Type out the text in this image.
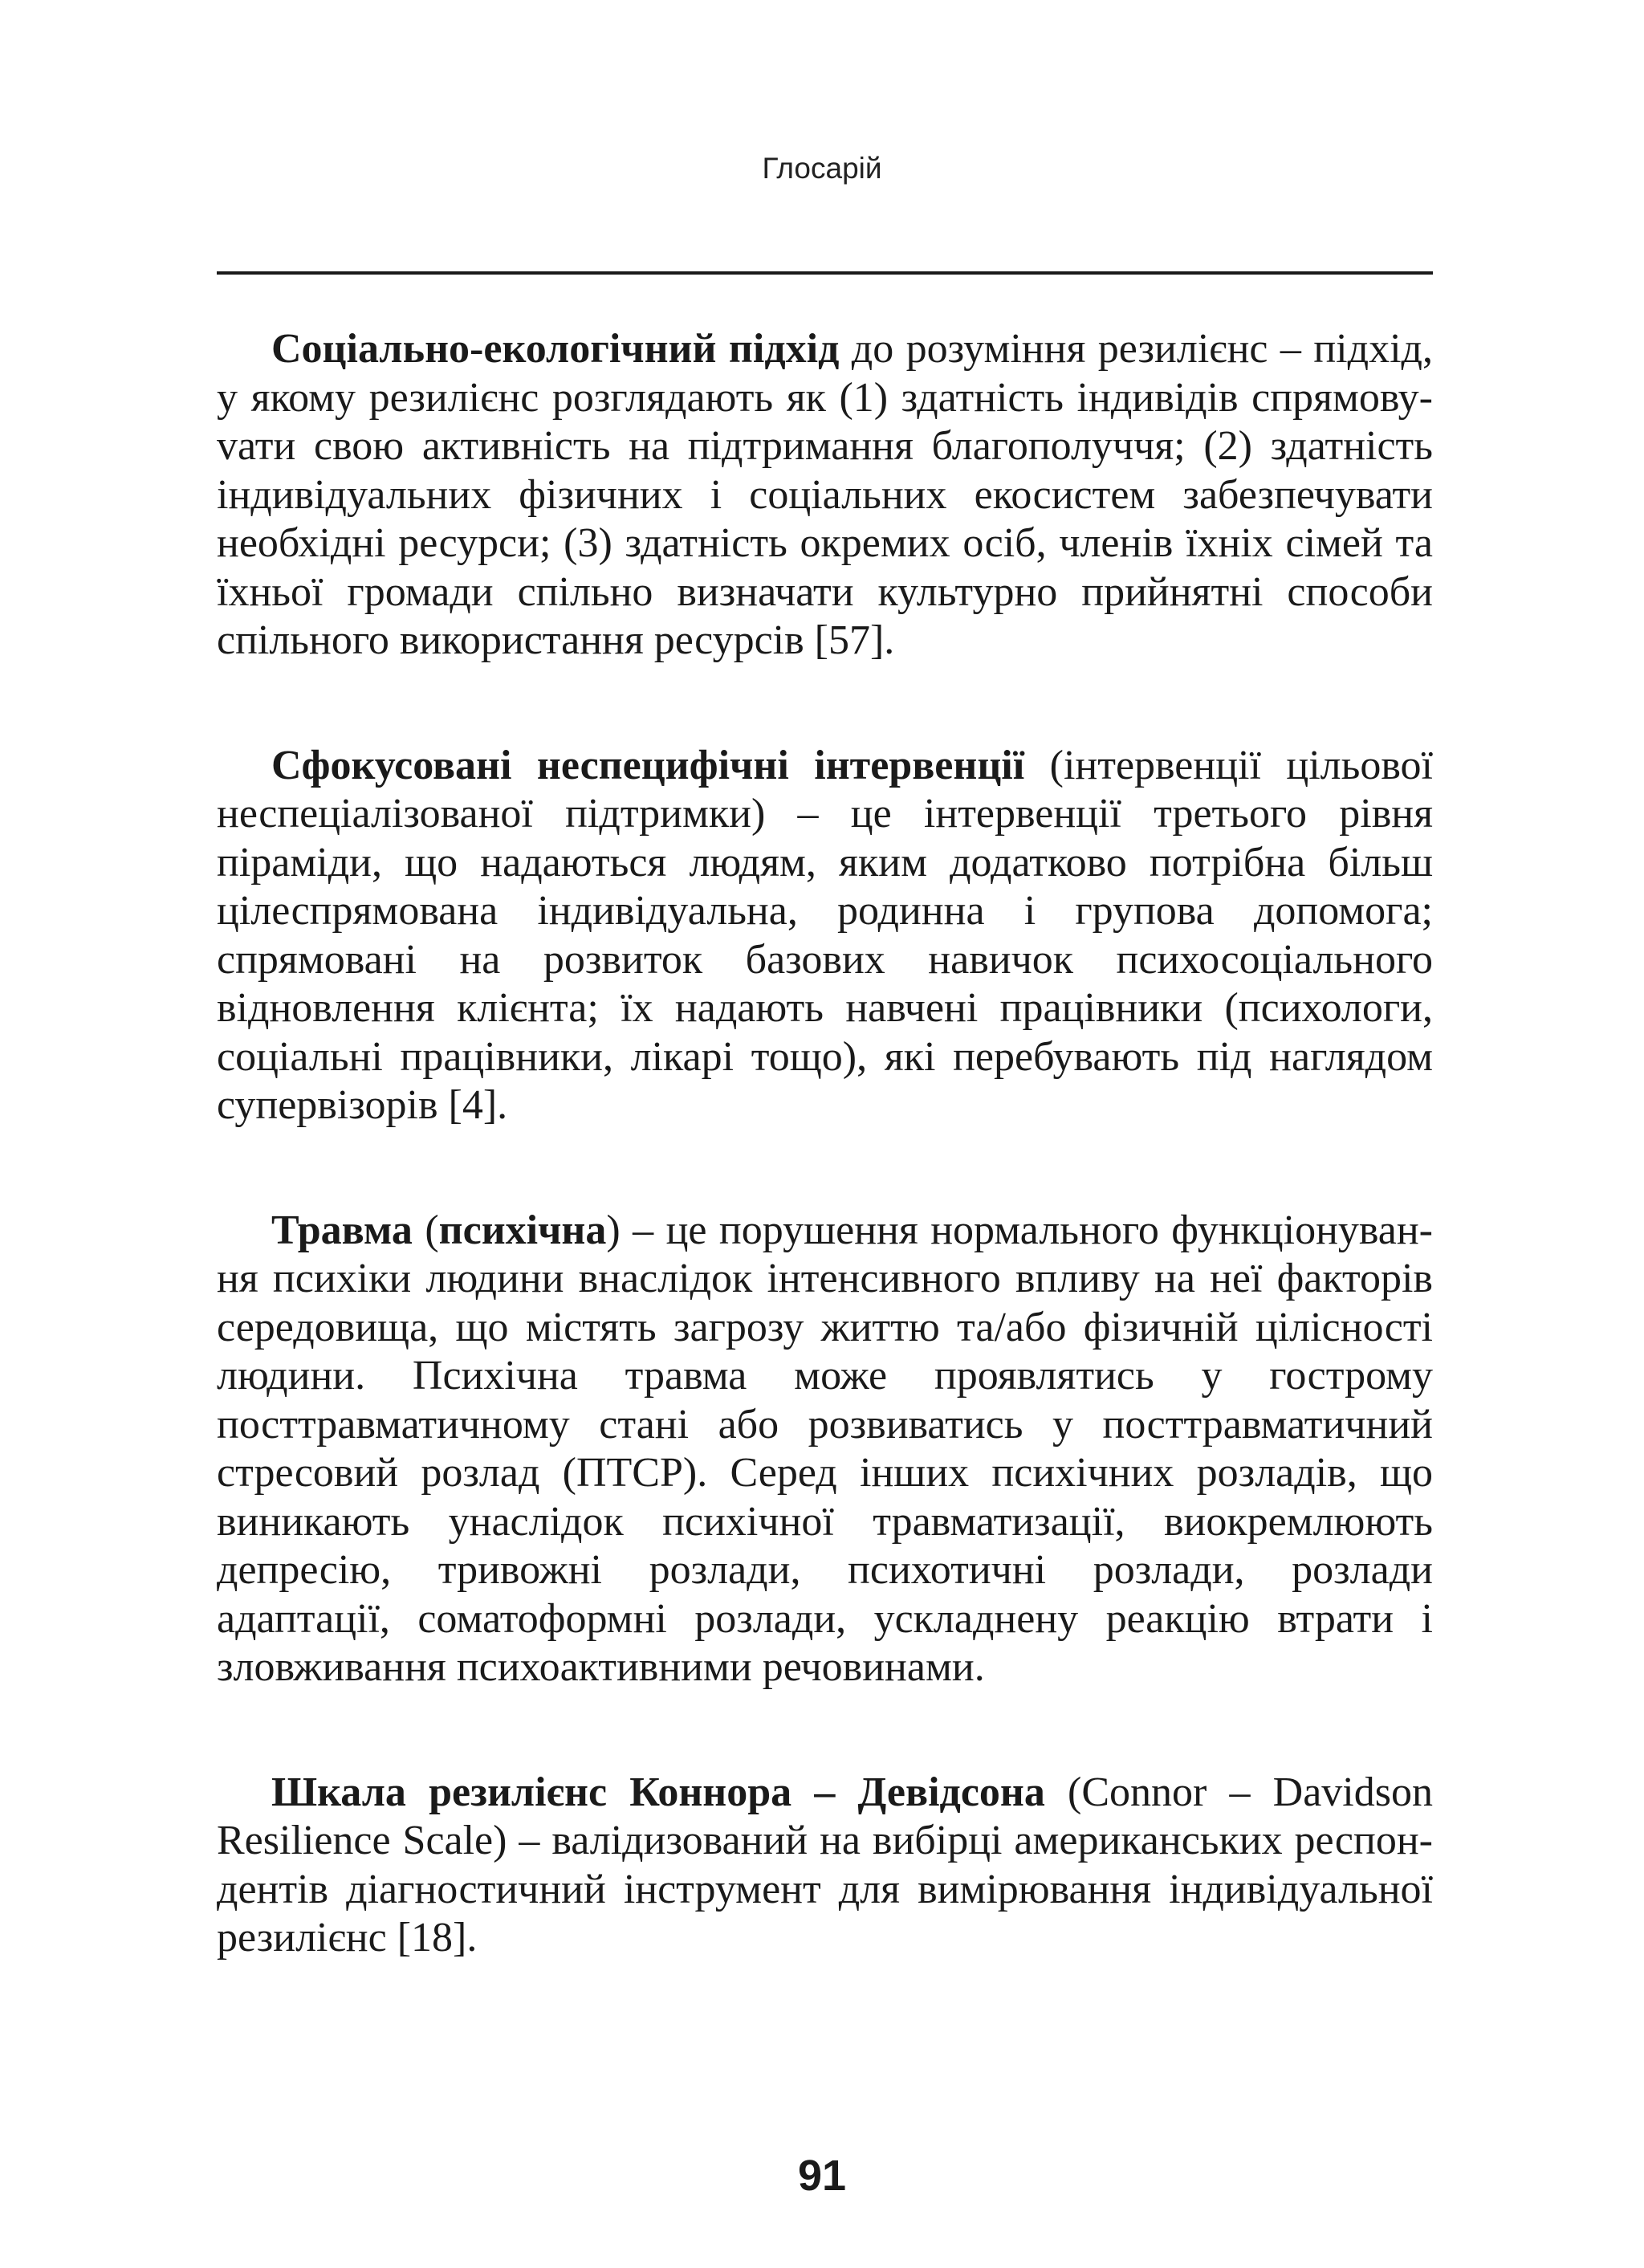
Глосарій

Соціально-екологічний підхід до розуміння резилієнс – підхід, у якому резилієнс розглядають як (1) здатність індивідів спрямовуvати свою активність на підтримання благополуччя; (2) здатність індивідуальних фізичних і соціальних екосистем забезпечувати необхідні ресурси; (3) здатність окремих осіб, членів їхніх сімей та їхньої громади спільно визначати культурно прийнятні способи спільного використання ресурсів [57].

Сфокусовані неспецифічні інтервенції (інтервенції цільової неспеціалізованої підтримки) – це інтервенції третього рівня піраміди, що надаються людям, яким додатково потрібна більш цілеспрямована індивідуальна, родинна і групова допомога; спрямовані на розвиток базових навичок психосоціального відновлення клієнта; їх надають навчені працівники (психологи, соціальні працівники, лікарі тощо), які перебувають під наглядом супервізорів [4].

Травма (психічна) – це порушення нормального функціонування психіки людини внаслідок інтенсивного впливу на неї факторів середовища, що містять загрозу життю та/або фізичній цілісності людини. Психічна травма може проявлятись у гострому посттравматичному стані або розвиватись у посттравматичний стресовий розлад (ПТСР). Серед інших психічних розладів, що виникають унаслідок психічної травматизації, виокремлюють депресію, тривожні розлади, психотичні розлади, розлади адаптації, соматоформні розлади, ускладнену реакцію втрати і зловживання психоактивними речовинами.

Шкала резилієнс Коннора – Девідсона (Connor – Davidson Resilience Scale) – валідизований на вибірці американських респондентів діагностичний інструмент для вимірювання індивідуальної резилієнс [18].

91
